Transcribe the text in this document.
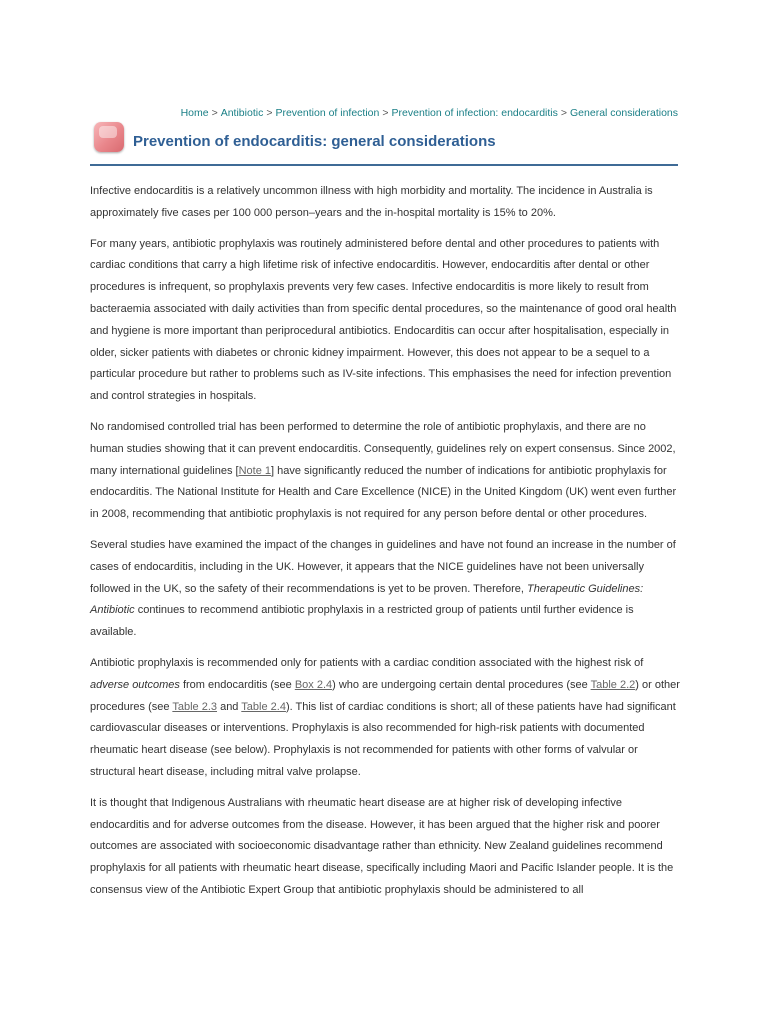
Home > Antibiotic > Prevention of infection > Prevention of infection: endocarditis > General considerations
Prevention of endocarditis: general considerations

Infective endocarditis is a relatively uncommon illness with high morbidity and mortality. The incidence in Australia is approximately five cases per 100 000 person–years and the in-hospital mortality is 15% to 20%.

For many years, antibiotic prophylaxis was routinely administered before dental and other procedures to patients with cardiac conditions that carry a high lifetime risk of infective endocarditis. However, endocarditis after dental or other procedures is infrequent, so prophylaxis prevents very few cases. Infective endocarditis is more likely to result from bacteraemia associated with daily activities than from specific dental procedures, so the maintenance of good oral health and hygiene is more important than periprocedural antibiotics. Endocarditis can occur after hospitalisation, especially in older, sicker patients with diabetes or chronic kidney impairment. However, this does not appear to be a sequel to a particular procedure but rather to problems such as IV-site infections. This emphasises the need for infection prevention and control strategies in hospitals.

No randomised controlled trial has been performed to determine the role of antibiotic prophylaxis, and there are no human studies showing that it can prevent endocarditis. Consequently, guidelines rely on expert consensus. Since 2002, many international guidelines [Note 1] have significantly reduced the number of indications for antibiotic prophylaxis for endocarditis. The National Institute for Health and Care Excellence (NICE) in the United Kingdom (UK) went even further in 2008, recommending that antibiotic prophylaxis is not required for any person before dental or other procedures.

Several studies have examined the impact of the changes in guidelines and have not found an increase in the number of cases of endocarditis, including in the UK. However, it appears that the NICE guidelines have not been universally followed in the UK, so the safety of their recommendations is yet to be proven. Therefore, Therapeutic Guidelines: Antibiotic continues to recommend antibiotic prophylaxis in a restricted group of patients until further evidence is available.

Antibiotic prophylaxis is recommended only for patients with a cardiac condition associated with the highest risk of adverse outcomes from endocarditis (see Box 2.4) who are undergoing certain dental procedures (see Table 2.2) or other procedures (see Table 2.3 and Table 2.4). This list of cardiac conditions is short; all of these patients have had significant cardiovascular diseases or interventions. Prophylaxis is also recommended for high-risk patients with documented rheumatic heart disease (see below). Prophylaxis is not recommended for patients with other forms of valvular or structural heart disease, including mitral valve prolapse.

It is thought that Indigenous Australians with rheumatic heart disease are at higher risk of developing infective endocarditis and for adverse outcomes from the disease. However, it has been argued that the higher risk and poorer outcomes are associated with socioeconomic disadvantage rather than ethnicity. New Zealand guidelines recommend prophylaxis for all patients with rheumatic heart disease, specifically including Maori and Pacific Islander people. It is the consensus view of the Antibiotic Expert Group that antibiotic prophylaxis should be administered to all
